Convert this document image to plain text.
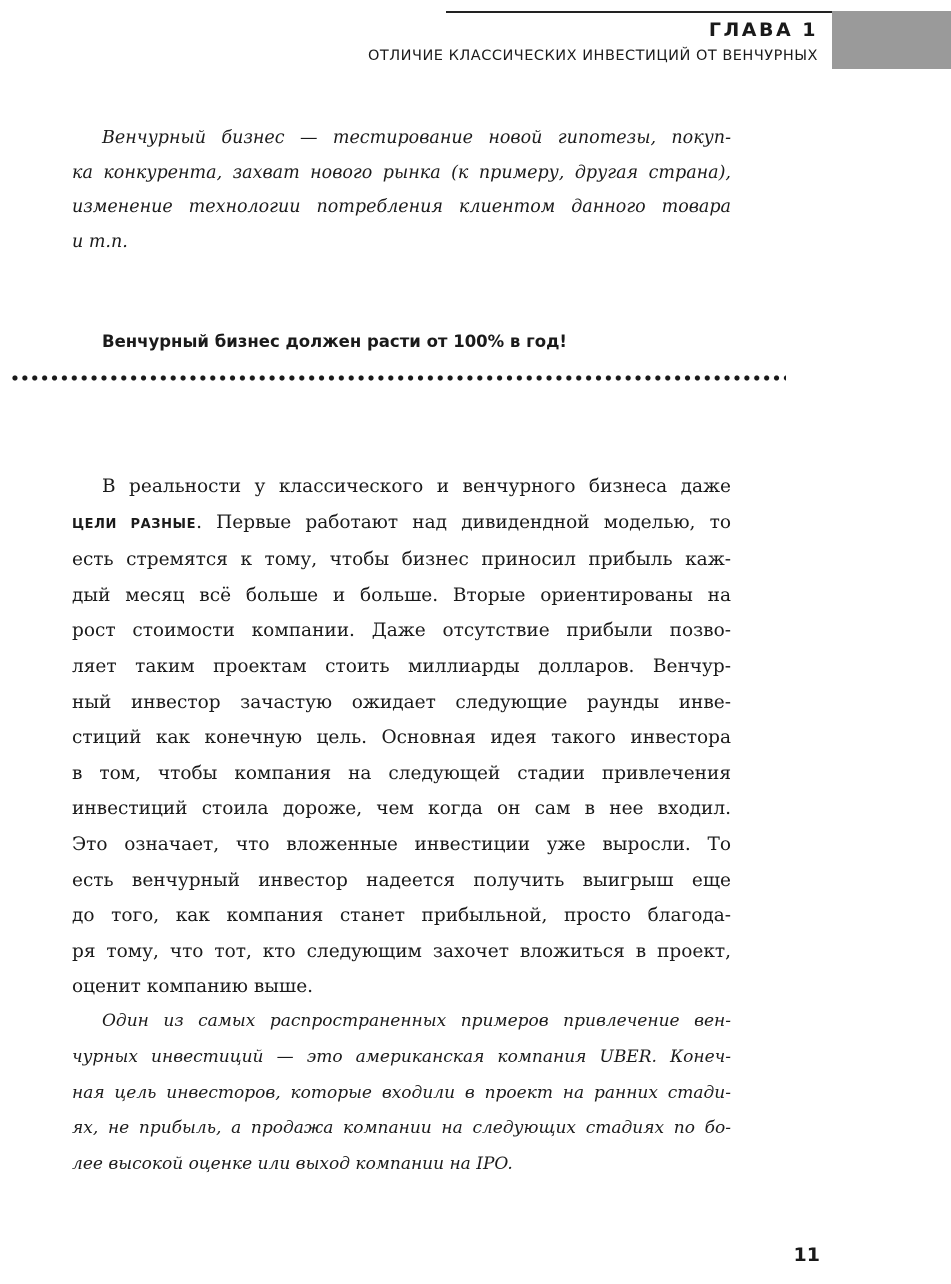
ГЛАВА 1
ОТЛИЧИЕ КЛАССИЧЕСКИХ ИНВЕСТИЦИЙ ОТ ВЕНЧУРНЫХ
Венчурный бизнес — тестирование новой гипотезы, покуп-
ка конкурента, захват нового рынка (к примеру, другая страна),
изменение технологии потребления клиентом данного товара
и т.п.
Венчурный бизнес должен расти от 100% в год!
В реальности у классического и венчурного бизнеса даже
ЦЕЛИ РАЗНЫЕ. Первые работают над дивидендной моделью, то
есть стремятся к тому, чтобы бизнес приносил прибыль каж-
дый месяц всё больше и больше. Вторые ориентированы на
рост стоимости компании. Даже отсутствие прибыли позво-
ляет таким проектам стоить миллиарды долларов. Венчур-
ный инвестор зачастую ожидает следующие раунды инве-
стиций как конечную цель. Основная идея такого инвестора
в том, чтобы компания на следующей стадии привлечения
инвестиций стоила дороже, чем когда он сам в нее входил.
Это означает, что вложенные инвестиции уже выросли. То
есть венчурный инвестор надеется получить выигрыш еще
до того, как компания станет прибыльной, просто благода-
ря тому, что тот, кто следующим захочет вложиться в проект,
оценит компанию выше.
Один из самых распространенных примеров привлечение вен-
чурных инвестиций — это американская компания UBER. Конеч-
ная цель инвесторов, которые входили в проект на ранних стади-
ях, не прибыль, а продажа компании на следующих стадиях по бо-
лее высокой оценке или выход компании на IPO.
11
